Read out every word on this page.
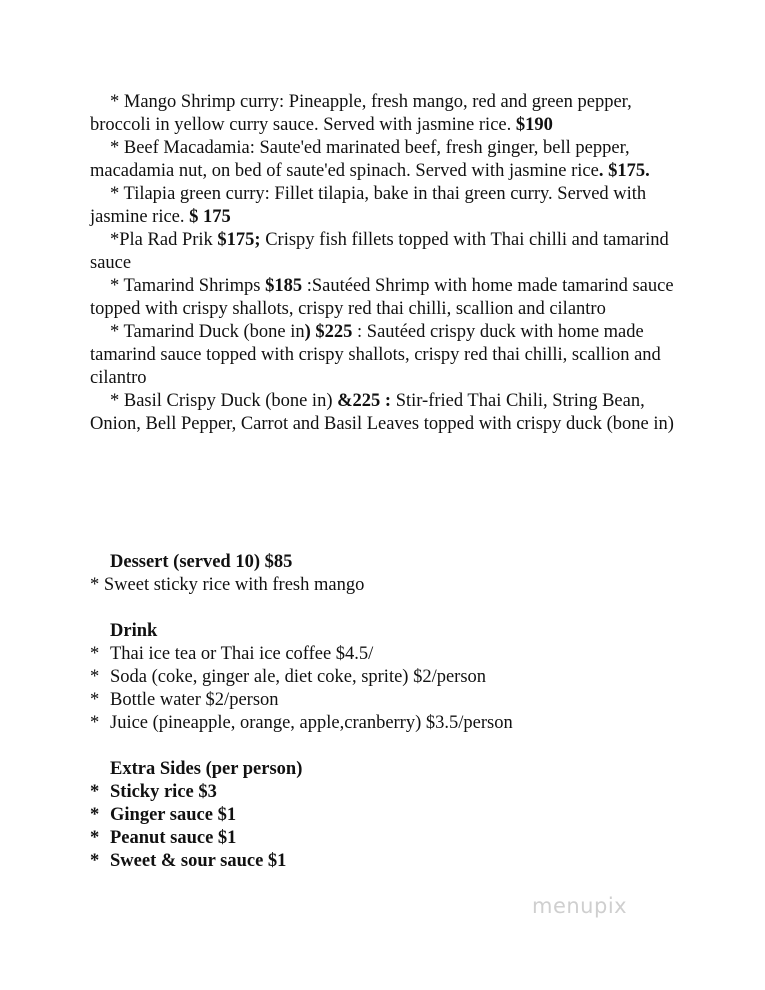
* Mango Shrimp curry: Pineapple, fresh mango, red and green pepper, broccoli in yellow curry sauce. Served with jasmine rice. $190
* Beef Macadamia: Saute'ed marinated beef, fresh ginger, bell pepper, macadamia nut, on bed of saute'ed spinach. Served with jasmine rice. $175.
* Tilapia green curry: Fillet tilapia, bake in thai green curry. Served with jasmine rice. $ 175
*Pla Rad Prik $175; Crispy fish fillets topped with Thai chilli and tamarind sauce
* Tamarind Shrimps $185 :Sautéed Shrimp with home made tamarind sauce topped with crispy shallots, crispy red thai chilli, scallion and cilantro
* Tamarind Duck (bone in) $225 : Sautéed crispy duck with home made tamarind sauce topped with crispy shallots, crispy red thai chilli, scallion and cilantro
* Basil Crispy Duck (bone in) &225 : Stir-fried Thai Chili, String Bean, Onion, Bell Pepper, Carrot and Basil Leaves topped with crispy duck (bone in)
Dessert (served 10) $85
* Sweet sticky rice with fresh mango
Drink
* Thai ice tea or Thai ice coffee $4.5/
* Soda (coke, ginger ale, diet coke, sprite) $2/person
* Bottle water $2/person
* Juice (pineapple, orange, apple,cranberry) $3.5/person
Extra Sides (per person)
* Sticky rice $3
* Ginger sauce $1
* Peanut sauce $1
* Sweet & sour sauce $1
menupix
